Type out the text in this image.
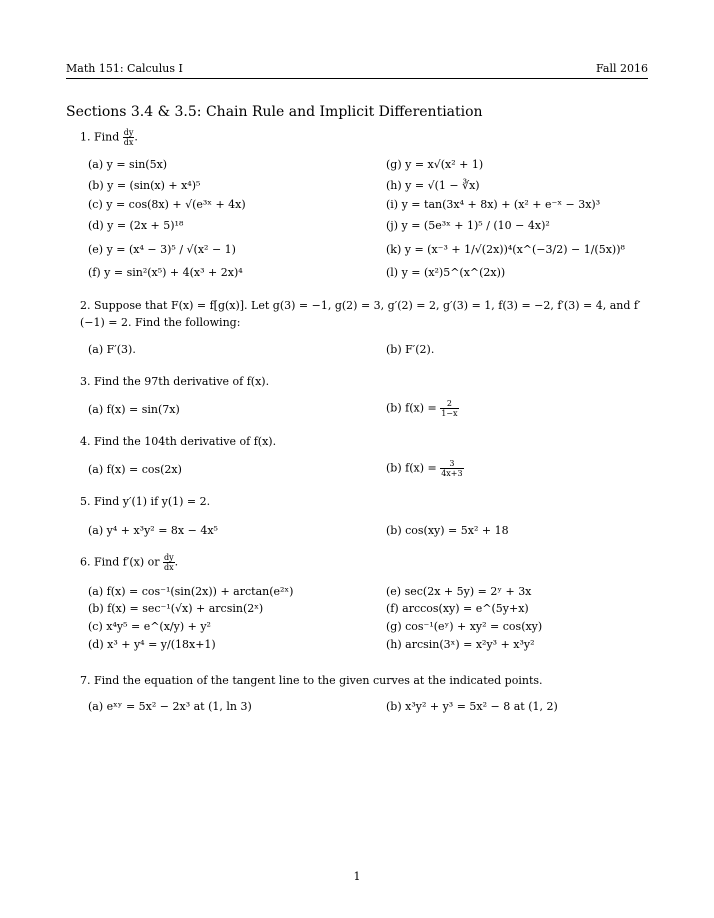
Math 151: Calculus I	Fall 2016
Sections 3.4 & 3.5: Chain Rule and Implicit Differentiation
1. Find $\frac{dy}{dx}$ .
(a) y = sin(5x)
(b) y = (sin(x) + x⁴)⁵
(c) y = cos(8x) + √(e³ˣ + 4x)
(d) y = (2x + 5)¹⁸
(e) y = (x⁴ − 3)⁵ / √(x² − 1)
(f) y = sin²(x⁵) + 4(x³ + 2x)⁴
(g) y = x√(x² + 1)
(h) y = √(1 − ∛x)
(i) y = tan(3x⁴ + 8x) + (x² + e⁻ˣ − 3x)³
(j) y = (5e³ˣ + 1)⁵ / (10 − 4x)²
(k) y = (x⁻³ + 1/√(2x))⁴(x^(−3/2) − 1/(5x))⁸
(l) y = (x²)5^(x^(2x))
2. Suppose that F(x) = f[g(x)]. Let g(3) = −1, g(2) = 3, g′(2) = 2, g′(3) = 1, f(3) = −2, f′(3) = 4, and f′(−1) = 2. Find the following:
(a) F′(3).	(b) F′(2).
3. Find the 97th derivative of f(x).
(a) f(x) = sin(7x)	(b) $f(x) = \frac{2}{1-x}$
4. Find the 104th derivative of f(x).
(a) f(x) = cos(2x)	(b) $f(x) = \frac{3}{4x+3}$
5. Find y′(1) if y(1) = 2.
(a) y⁴ + x³y² = 8x − 4x⁵	(b) cos(xy) = 5x² + 18
6. Find f′(x) or $\frac{dy}{dx}$ .
(a) f(x) = cos⁻¹(sin(2x)) + arctan(e²ˣ)
(b) f(x) = sec⁻¹(√x) + arcsin(2ˣ)
(c) x⁴y⁵ = e^(x/y) + y²
(d) x³ + y⁴ = y/(18x+1)
(e) sec(2x + 5y) = 2ʸ + 3x
(f) arccos(xy) = e^(5y+x)
(g) cos⁻¹(eʸ) + xy² = cos(xy)
(h) arcsin(3ˣ) = x²y³ + x³y²
7. Find the equation of the tangent line to the given curves at the indicated points.
(a) eˣʸ = 5x² − 2x³ at (1, ln 3)	(b) x³y² + y³ = 5x² − 8 at (1, 2)
1
